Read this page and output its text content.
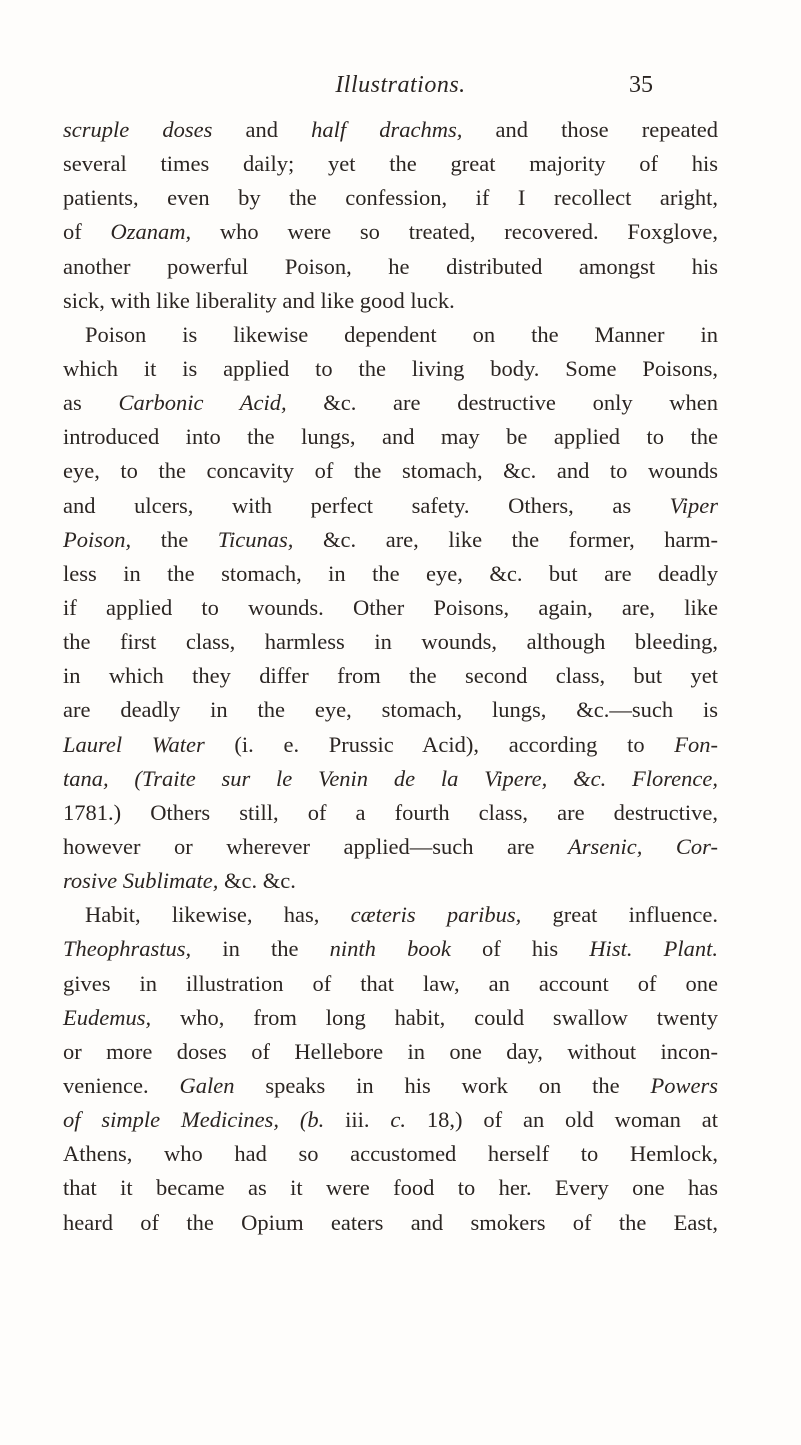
Illustrations.	35
scruple doses and half drachms, and those repeated
several times daily; yet the great majority of his
patients, even by the confession, if I recollect aright,
of Ozanam, who were so treated, recovered. Foxglove,
another powerful Poison, he distributed amongst his
sick, with like liberality and like good luck.
Poison is likewise dependent on the Manner in
which it is applied to the living body. Some Poisons,
as Carbonic Acid, &c. are destructive only when
introduced into the lungs, and may be applied to the
eye, to the concavity of the stomach, &c. and to wounds
and ulcers, with perfect safety. Others, as Viper
Poison, the Ticunas, &c. are, like the former, harm-
less in the stomach, in the eye, &c. but are deadly
if applied to wounds. Other Poisons, again, are, like
the first class, harmless in wounds, although bleeding,
in which they differ from the second class, but yet
are deadly in the eye, stomach, lungs, &c.—such is
Laurel Water (i. e. Prussic Acid), according to Fon-
tana, (Traite sur le Venin de la Vipere, &c. Florence,
1781.) Others still, of a fourth class, are destructive,
however or wherever applied—such are Arsenic, Cor-
rosive Sublimate, &c. &c.
Habit, likewise, has, cæteris paribus, great influence.
Theophrastus, in the ninth book of his Hist. Plant.
gives in illustration of that law, an account of one
Eudemus, who, from long habit, could swallow twenty
or more doses of Hellebore in one day, without incon-
venience. Galen speaks in his work on the Powers
of simple Medicines, (b. iii. c. 18,) of an old woman at
Athens, who had so accustomed herself to Hemlock,
that it became as it were food to her. Every one has
heard of the Opium eaters and smokers of the East,
